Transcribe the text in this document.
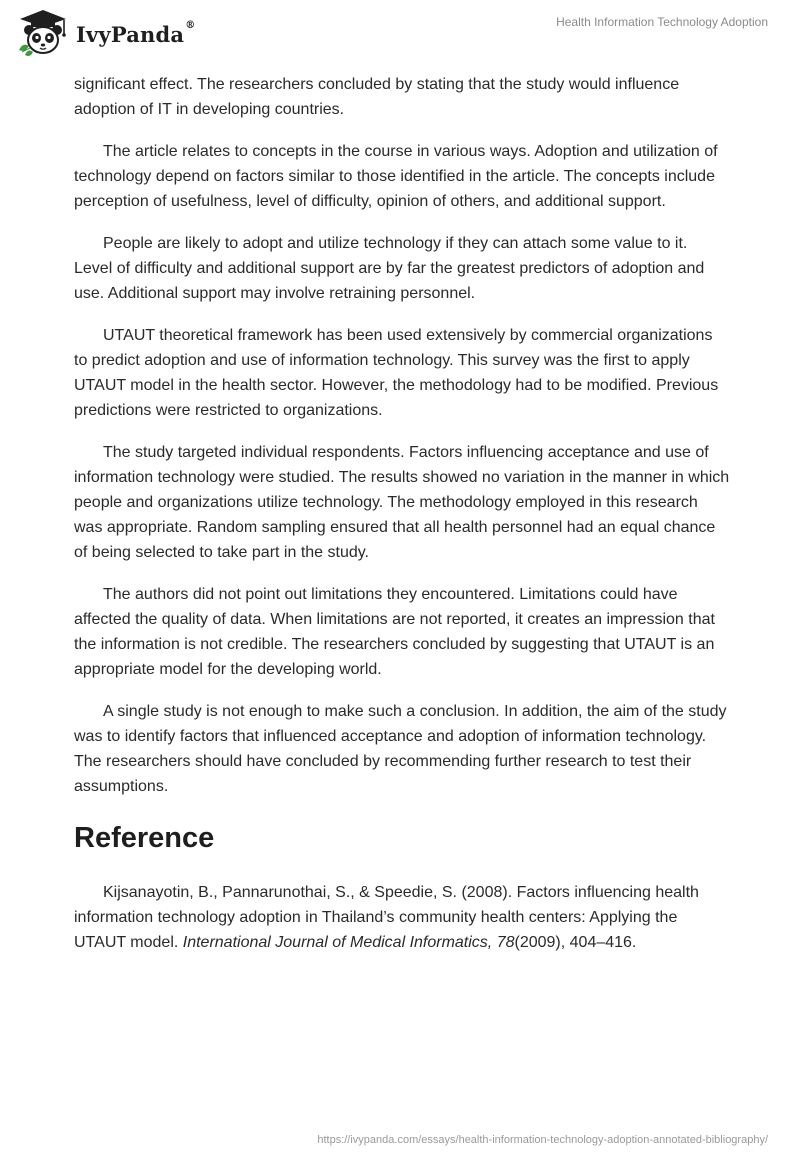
IvyPanda®	Health Information Technology Adoption

significant effect. The researchers concluded by stating that the study would influence adoption of IT in developing countries.

The article relates to concepts in the course in various ways. Adoption and utilization of technology depend on factors similar to those identified in the article. The concepts include perception of usefulness, level of difficulty, opinion of others, and additional support.

People are likely to adopt and utilize technology if they can attach some value to it. Level of difficulty and additional support are by far the greatest predictors of adoption and use. Additional support may involve retraining personnel.

UTAUT theoretical framework has been used extensively by commercial organizations to predict adoption and use of information technology. This survey was the first to apply UTAUT model in the health sector. However, the methodology had to be modified. Previous predictions were restricted to organizations.

The study targeted individual respondents. Factors influencing acceptance and use of information technology were studied. The results showed no variation in the manner in which people and organizations utilize technology. The methodology employed in this research was appropriate. Random sampling ensured that all health personnel had an equal chance of being selected to take part in the study.

The authors did not point out limitations they encountered. Limitations could have affected the quality of data. When limitations are not reported, it creates an impression that the information is not credible. The researchers concluded by suggesting that UTAUT is an appropriate model for the developing world.

A single study is not enough to make such a conclusion. In addition, the aim of the study was to identify factors that influenced acceptance and adoption of information technology. The researchers should have concluded by recommending further research to test their assumptions.

Reference

Kijsanayotin, B., Pannarunothai, S., & Speedie, S. (2008). Factors influencing health information technology adoption in Thailand’s community health centers: Applying the UTAUT model. International Journal of Medical Informatics, 78(2009), 404–416.

https://ivypanda.com/essays/health-information-technology-adoption-annotated-bibliography/
